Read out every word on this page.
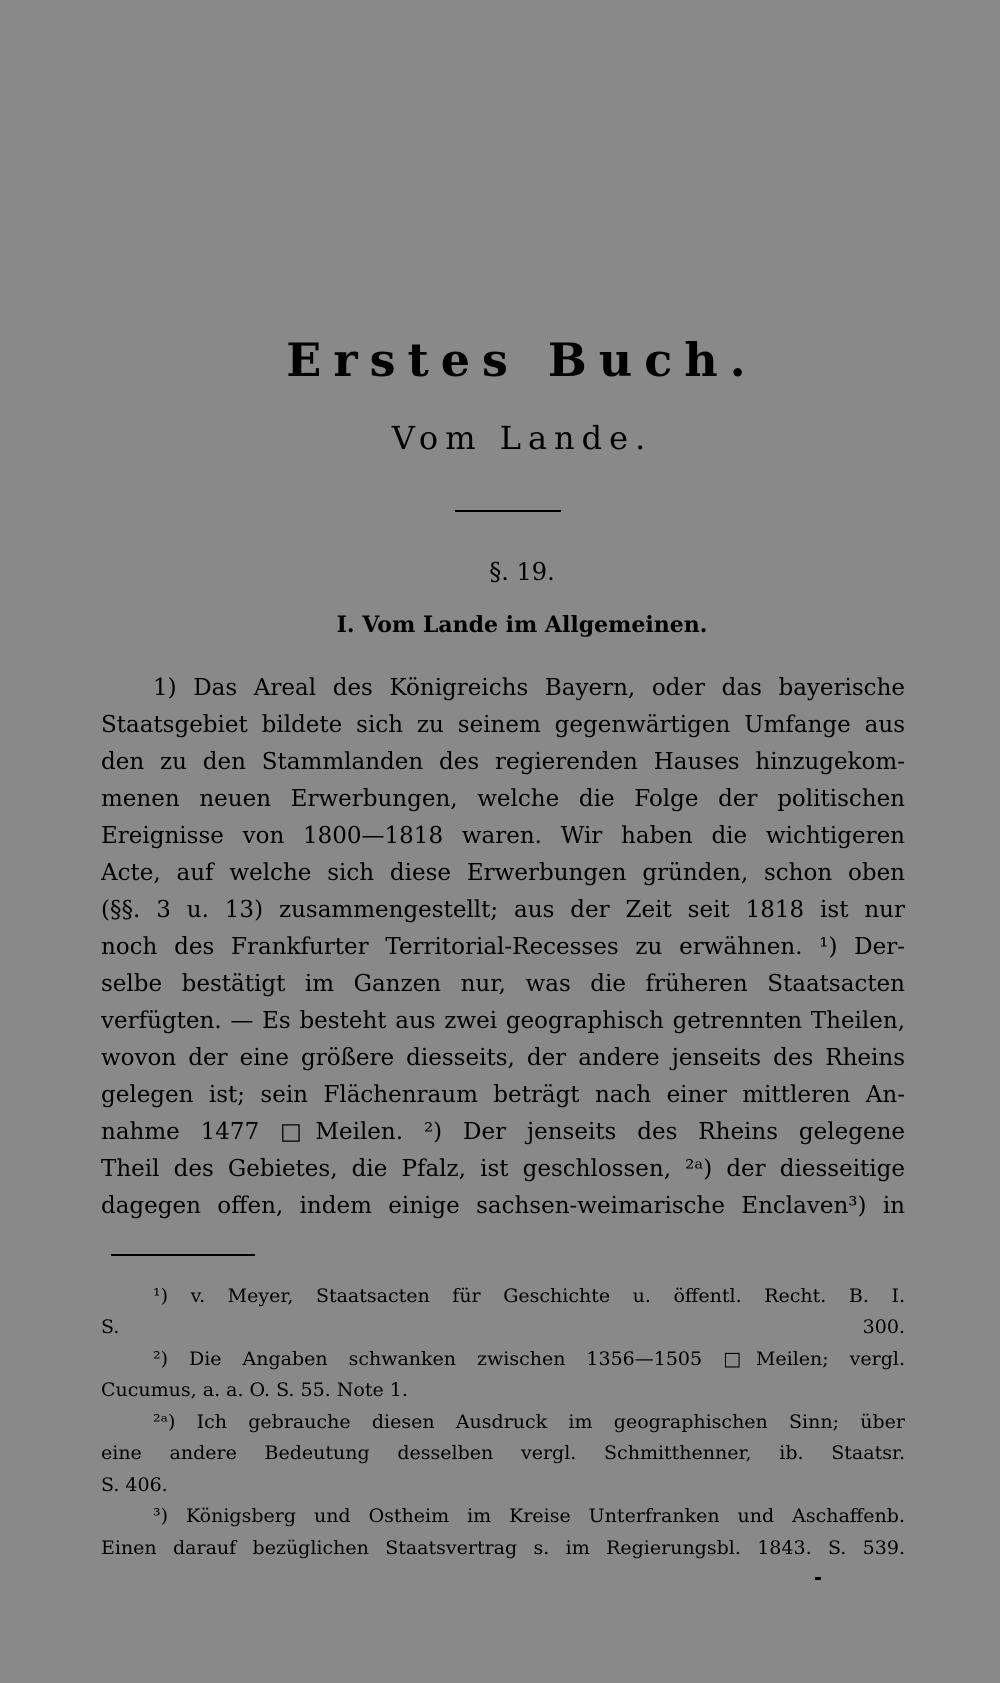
Erstes Buch.
Vom Lande.
§. 19.
I. Vom Lande im Allgemeinen.
1) Das Areal des Königreichs Bayern, oder das bayerische
Staatsgebiet bildete sich zu seinem gegenwärtigen Umfange aus
den zu den Stammlanden des regierenden Hauses hinzugekom-
menen neuen Erwerbungen, welche die Folge der politischen
Ereignisse von 1800—1818 waren. Wir haben die wichtigeren
Acte, auf welche sich diese Erwerbungen gründen, schon oben
(§§. 3 u. 13) zusammengestellt; aus der Zeit seit 1818 ist nur
noch des Frankfurter Territorial-Recesses zu erwähnen. ¹) Der-
selbe bestätigt im Ganzen nur, was die früheren Staatsacten
verfügten. — Es besteht aus zwei geographisch getrennten Theilen,
wovon der eine größere diesseits, der andere jenseits des Rheins
gelegen ist; sein Flächenraum beträgt nach einer mittleren An-
nahme 1477 □Meilen. ²) Der jenseits des Rheins gelegene
Theil des Gebietes, die Pfalz, ist geschlossen, ²ᵃ) der diesseitige
dagegen offen, indem einige sachsen-weimarische Enclaven³) in
¹) v. Meyer, Staatsacten für Geschichte u. öffentl. Recht. B. I.
S. 300.
²) Die Angaben schwanken zwischen 1356—1505 □Meilen; vergl.
Cucumus, a. a. O. S. 55. Note 1.
²ᵃ) Ich gebrauche diesen Ausdruck im geographischen Sinn; über
eine andere Bedeutung desselben vergl. Schmitthenner, ib. Staatsr.
S. 406.
³) Königsberg und Ostheim im Kreise Unterfranken und Aschaffenb.
Einen darauf bezüglichen Staatsvertrag s. im Regierungsbl. 1843. S. 539.
